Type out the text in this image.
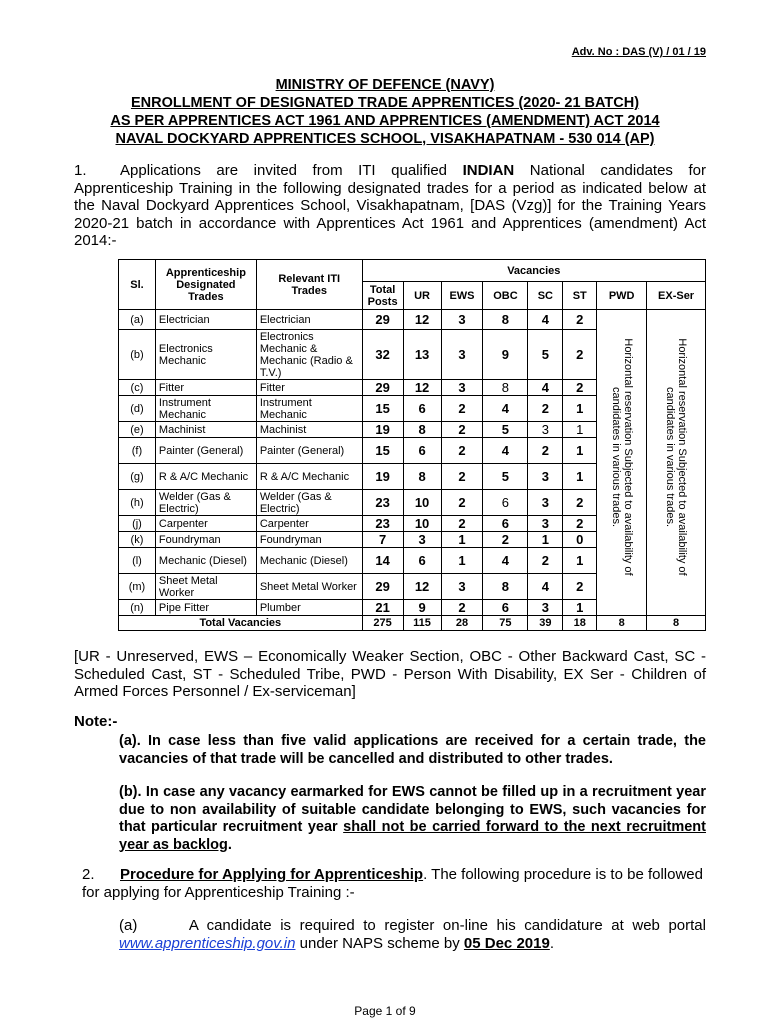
Adv. No : DAS (V) / 01 / 19
MINISTRY OF DEFENCE (NAVY)
ENROLLMENT OF DESIGNATED TRADE APPRENTICES (2020- 21 BATCH)
AS PER APPRENTICES ACT 1961 AND APPRENTICES (AMENDMENT) ACT 2014
NAVAL DOCKYARD APPRENTICES SCHOOL, VISAKHAPATNAM - 530 014 (AP)
1. Applications are invited from ITI qualified INDIAN National candidates for Apprenticeship Training in the following designated trades for a period as indicated below at the Naval Dockyard Apprentices School, Visakhapatnam, [DAS (Vzg)] for the Training Years 2020-21 batch in accordance with Apprentices Act 1961 and Apprentices (amendment) Act 2014:-
Sl.	Apprenticeship Designated Trades	Relevant ITI Trades	Vacancies							
			Total Posts	UR	EWS	OBC	SC	ST	PWD	EX-Ser
(a)	Electrician	Electrician	29	12	3	8	4	2	Horizontal reservation Subjected to availability of candidates in various trades.	Horizontal reservation Subjected to availability of candidates in various trades.

(b)	Electronics Mechanic	Electronics Mechanic & Mechanic (Radio & T.V.)	32	13	3	9	5	2		
(c)	Fitter	Fitter	29	12	3	8	4	2		
(d)	Instrument Mechanic	Instrument Mechanic	15	6	2	4	2	1		
(e)	Machinist	Machinist	19	8	2	5	3	1		
(f)	Painter (General)	Painter (General)	15	6	2	4	2	1		
(g)	R & A/C Mechanic	R & A/C Mechanic	19	8	2	5	3	1		
(h)	Welder (Gas & Electric)	Welder (Gas & Electric)	23	10	2	6	3	2		
(j)	Carpenter	Carpenter	23	10	2	6	3	2		
(k)	Foundryman	Foundryman	7	3	1	2	1	0		
(l)	Mechanic (Diesel)	Mechanic (Diesel)	14	6	1	4	2	1		
(m)	Sheet Metal Worker	Sheet Metal Worker	29	12	3	8	4	2		
(n)	Pipe Fitter	Plumber	21	9	2	6	3	1		
Total Vacancies			275	115	28	75	39	18	8	8
[UR - Unreserved, EWS – Economically Weaker Section, OBC - Other Backward Cast, SC - Scheduled Cast, ST - Scheduled Tribe, PWD - Person With Disability, EX Ser - Children of Armed Forces Personnel / Ex-serviceman]
Note:-
(a). In case less than five valid applications are received for a certain trade, the vacancies of that trade will be cancelled and distributed to other trades.
(b). In case any vacancy earmarked for EWS cannot be filled up in a recruitment year due to non availability of suitable candidate belonging to EWS, such vacancies for that particular recruitment year shall not be carried forward to the next recruitment year as backlog.
2. Procedure for Applying for Apprenticeship. The following procedure is to be followed for applying for Apprenticeship Training :-
(a)	A candidate is required to register on-line his candidature at web portal www.apprenticeship.gov.in under NAPS scheme by 05 Dec 2019.
Page 1 of 9
